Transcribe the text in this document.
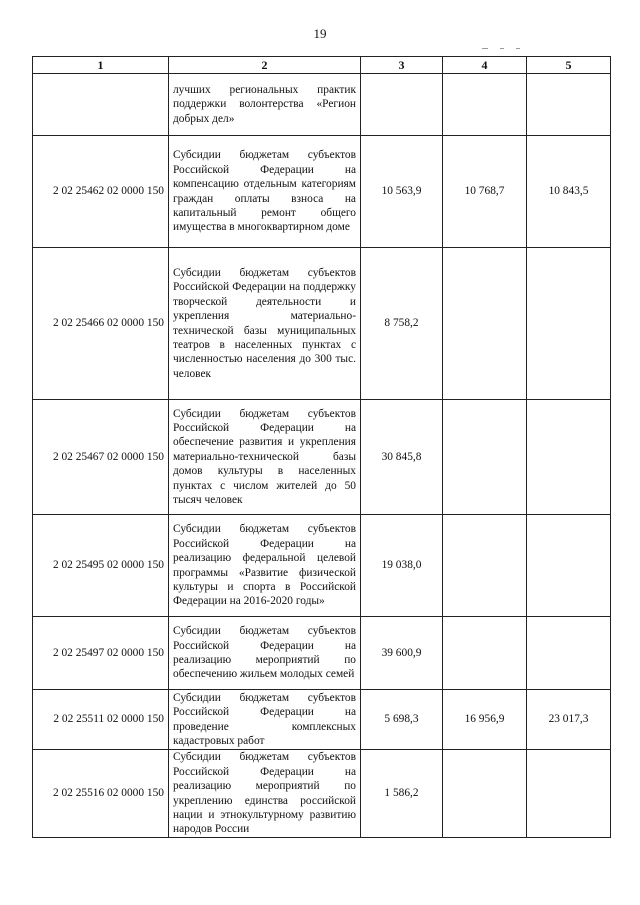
19
1	2	3	4	5
	лучших региональных практик поддержки волонтерства «Регион добрых дел»			
2 02 25462 02 0000 150	Субсидии бюджетам субъектов Российской Федерации на компенсацию отдельным категориям граждан оплаты взноса на капитальный ремонт общего имущества в многоквартирном доме	10 563,9	10 768,7	10 843,5
2 02 25466 02 0000 150	Субсидии бюджетам субъектов Российской Федерации на поддержку творческой деятельности и укрепления материально-технической базы муниципальных театров в населенных пунктах с численностью населения до 300 тыс. человек	8 758,2		
2 02 25467 02 0000 150	Субсидии бюджетам субъектов Российской Федерации на обеспечение развития и укрепления материально-технической базы домов культуры в населенных пунктах с числом жителей до 50 тысяч человек	30 845,8		
2 02 25495 02 0000 150	Субсидии бюджетам субъектов Российской Федерации на реализацию федеральной целевой программы «Развитие физической культуры и спорта в Российской Федерации на 2016-2020 годы»	19 038,0		
2 02 25497 02 0000 150	Субсидии бюджетам субъектов Российской Федерации на реализацию мероприятий по обеспечению жильем молодых семей	39 600,9		
2 02 25511 02 0000 150	Субсидии бюджетам субъектов Российской Федерации на проведение комплексных кадастровых работ	5 698,3	16 956,9	23 017,3
2 02 25516 02 0000 150	Субсидии бюджетам субъектов Российской Федерации на реализацию мероприятий по укреплению единства российской нации и этнокультурному развитию народов России	1 586,2		
